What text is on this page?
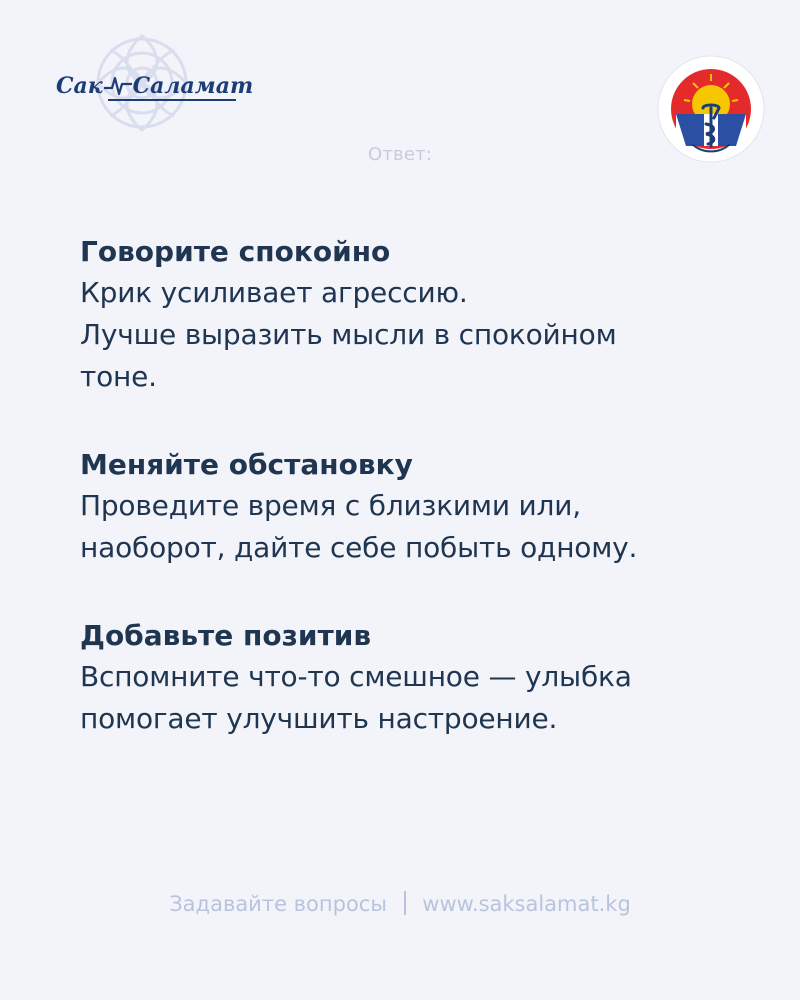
Сак Саламат
Ответ:
Говорите спокойно
Крик усиливает агрессию.
Лучше выразить мысли в спокойном
тоне.
Меняйте обстановку
Проведите время с близкими или,
наоборот, дайте себе побыть одному.
Добавьте позитив
Вспомните что-то смешное — улыбка
помогает улучшить настроение.
Задавайте вопросы www.saksalamat.kg
